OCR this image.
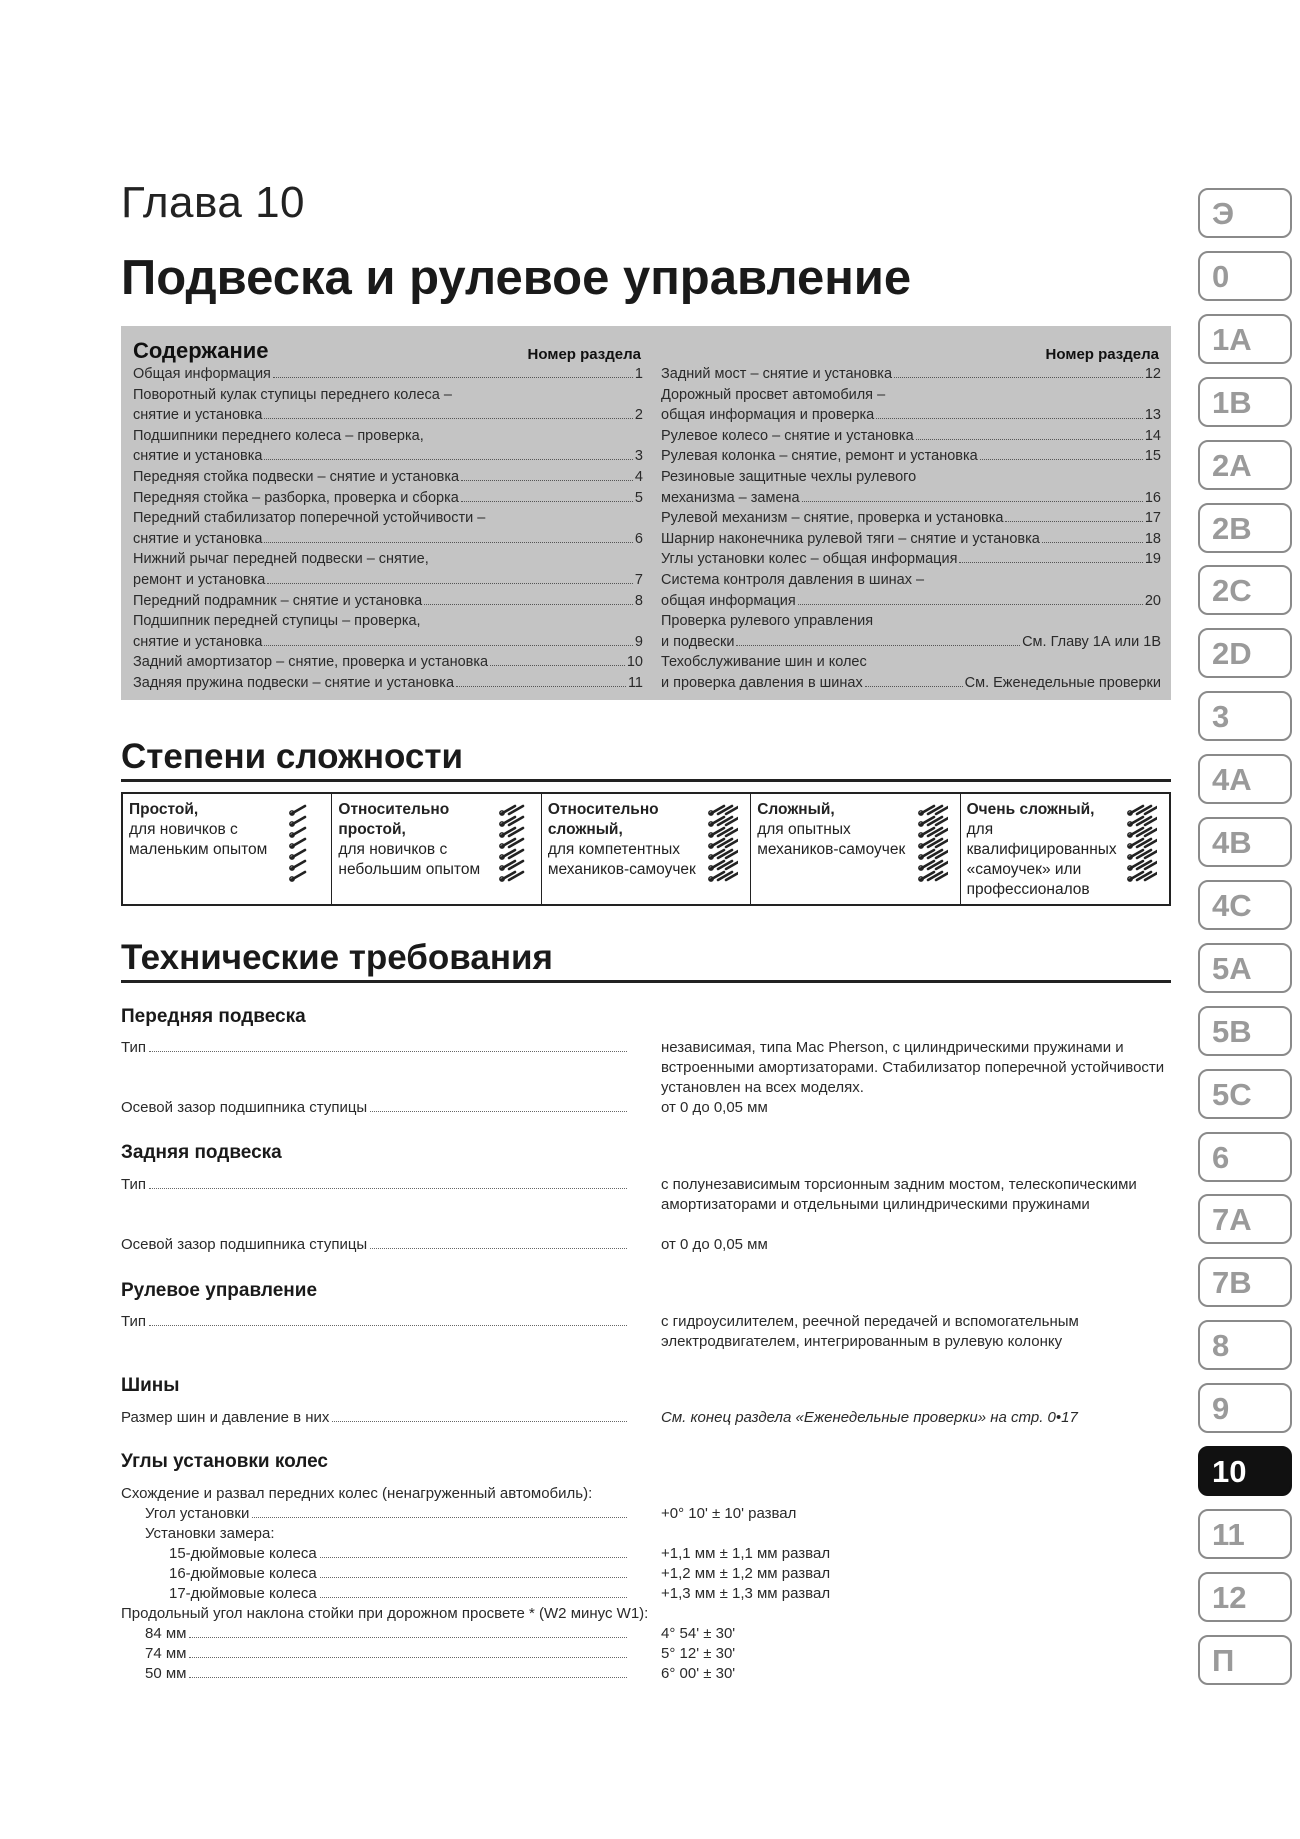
Глава 10
Подвеска и рулевое управление
Содержание	Номер раздела
Общая информация	1
Поворотный кулак ступицы переднего колеса –
снятие и установка	2
Подшипники переднего колеса – проверка,
снятие и установка	3
Передняя стойка подвески – снятие и установка	4
Передняя стойка – разборка, проверка и сборка	5
Передний стабилизатор поперечной устойчивости –
снятие и установка	6
Нижний рычаг передней подвески – снятие,
ремонт и установка	7
Передний подрамник – снятие и установка	8
Подшипник передней ступицы – проверка,
снятие и установка	9
Задний амортизатор – снятие, проверка и установка	10
Задняя пружина подвески – снятие и установка	11
Номер раздела
Задний мост – снятие и установка	12
Дорожный просвет автомобиля –
общая информация и проверка	13
Рулевое колесо – снятие и установка	14
Рулевая колонка – снятие, ремонт и установка	15
Резиновые защитные чехлы рулевого
механизма – замена	16
Рулевой механизм – снятие, проверка и установка	17
Шарнир наконечника рулевой тяги – снятие и установка	18
Углы установки колес – общая информация	19
Система контроля давления в шинах –
общая информация	20
Проверка рулевого управления
и подвески	См. Главу 1А или 1В
Техобслуживание шин и колес
и проверка давления в шинах	См. Еженедельные проверки
Степени сложности
Простой,
для новичков с маленьким опытом
Относительно простой,
для новичков с небольшим опытом
Относительно сложный,
для компетентных механиков-самоучек
Сложный,
для опытных механиков-самоучек
Очень сложный,
для квалифицированных «самоучек» или профессионалов
Технические требования
Передняя подвеска
Тип	независимая, типа Mac Pherson, с цилиндрическими пружинами и встроенными амортизаторами. Стабилизатор поперечной устойчивости установлен на всех моделях.
Осевой зазор подшипника ступицы	от 0 до 0,05 мм
Задняя подвеска
Тип	с полунезависимым торсионным задним мостом, телескопическими амортизаторами и отдельными цилиндрическими пружинами
Осевой зазор подшипника ступицы	от 0 до 0,05 мм
Рулевое управление
Тип	с гидроусилителем, реечной передачей и вспомогательным электродвигателем, интегрированным в рулевую колонку
Шины
Размер шин и давление в них	См. конец раздела «Еженедельные проверки» на стр. 0•17
Углы установки колес
Схождение и развал передних колес (ненагруженный автомобиль):
Угол установки	+0° 10' ± 10' развал
Установки замера:
15-дюймовые колеса	+1,1 мм ± 1,1 мм развал
16-дюймовые колеса	+1,2 мм ± 1,2 мм развал
17-дюймовые колеса	+1,3 мм ± 1,3 мм развал
Продольный угол наклона стойки при дорожном просвете * (W2 минус W1):
84 мм	4° 54' ± 30'
74 мм	5° 12' ± 30'
50 мм	6° 00' ± 30'
Э
0
1A
1B
2A
2B
2C
2D
3
4A
4B
4C
5A
5B
5C
6
7A
7B
8
9
10
11
12
П
